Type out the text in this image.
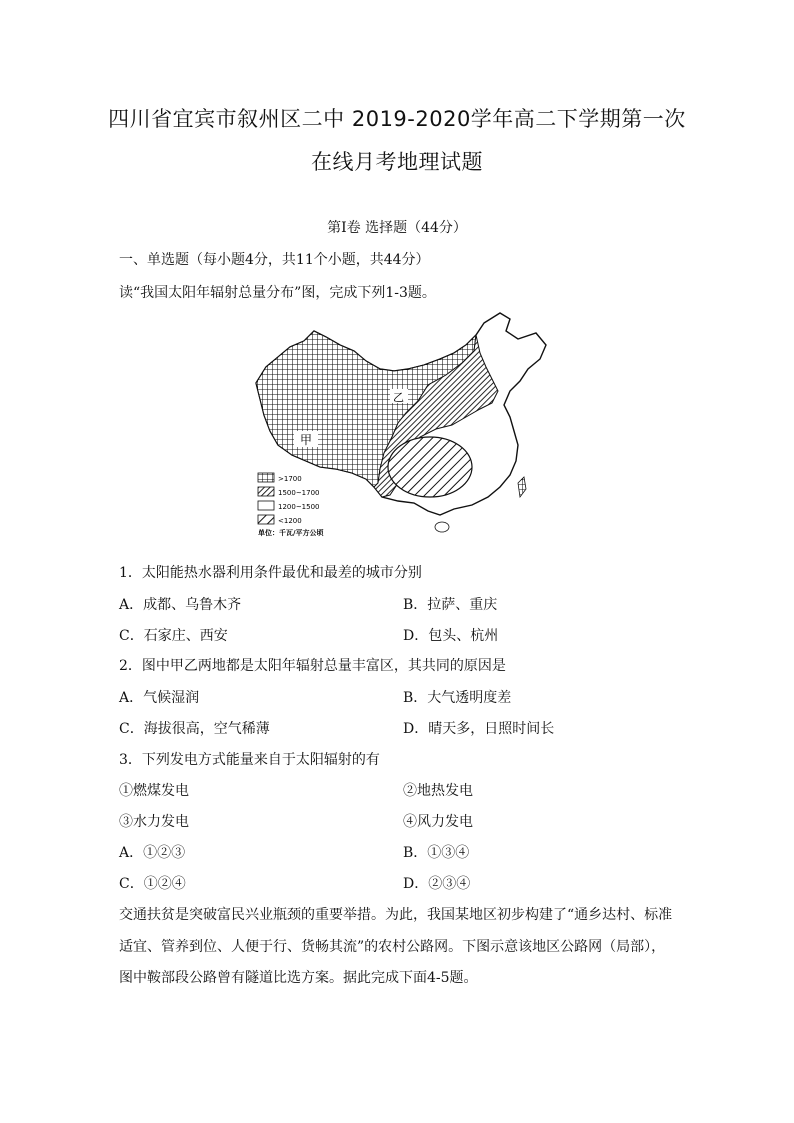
四川省宜宾市叙州区二中 2019-2020学年高二下学期第一次
在线月考地理试题
第I卷 选择题（44分）
一、单选题（每小题4分，共11个小题，共44分）
读“我国太阳年辐射总量分布”图，完成下列1-3题。
甲
乙
>1700
1500~1700
1200~1500
<1200
单位：千瓦/平方公顷
1．太阳能热水器利用条件最优和最差的城市分别
A．成都、乌鲁木齐	B．拉萨、重庆
C．石家庄、西安	D．包头、杭州
2．图中甲乙两地都是太阳年辐射总量丰富区，其共同的原因是
A．气候湿润	B．大气透明度差
C．海拔很高，空气稀薄	D．晴天多，日照时间长
3．下列发电方式能量来自于太阳辐射的有
①燃煤发电	②地热发电
③水力发电	④风力发电
A．①②③	B．①③④
C．①②④	D．②③④
交通扶贫是突破富民兴业瓶颈的重要举措。为此，我国某地区初步构建了“通乡达村、标准
适宜、管养到位、人便于行、货畅其流”的农村公路网。下图示意该地区公路网（局部），
图中鞍部段公路曾有隧道比选方案。据此完成下面4-5题。
